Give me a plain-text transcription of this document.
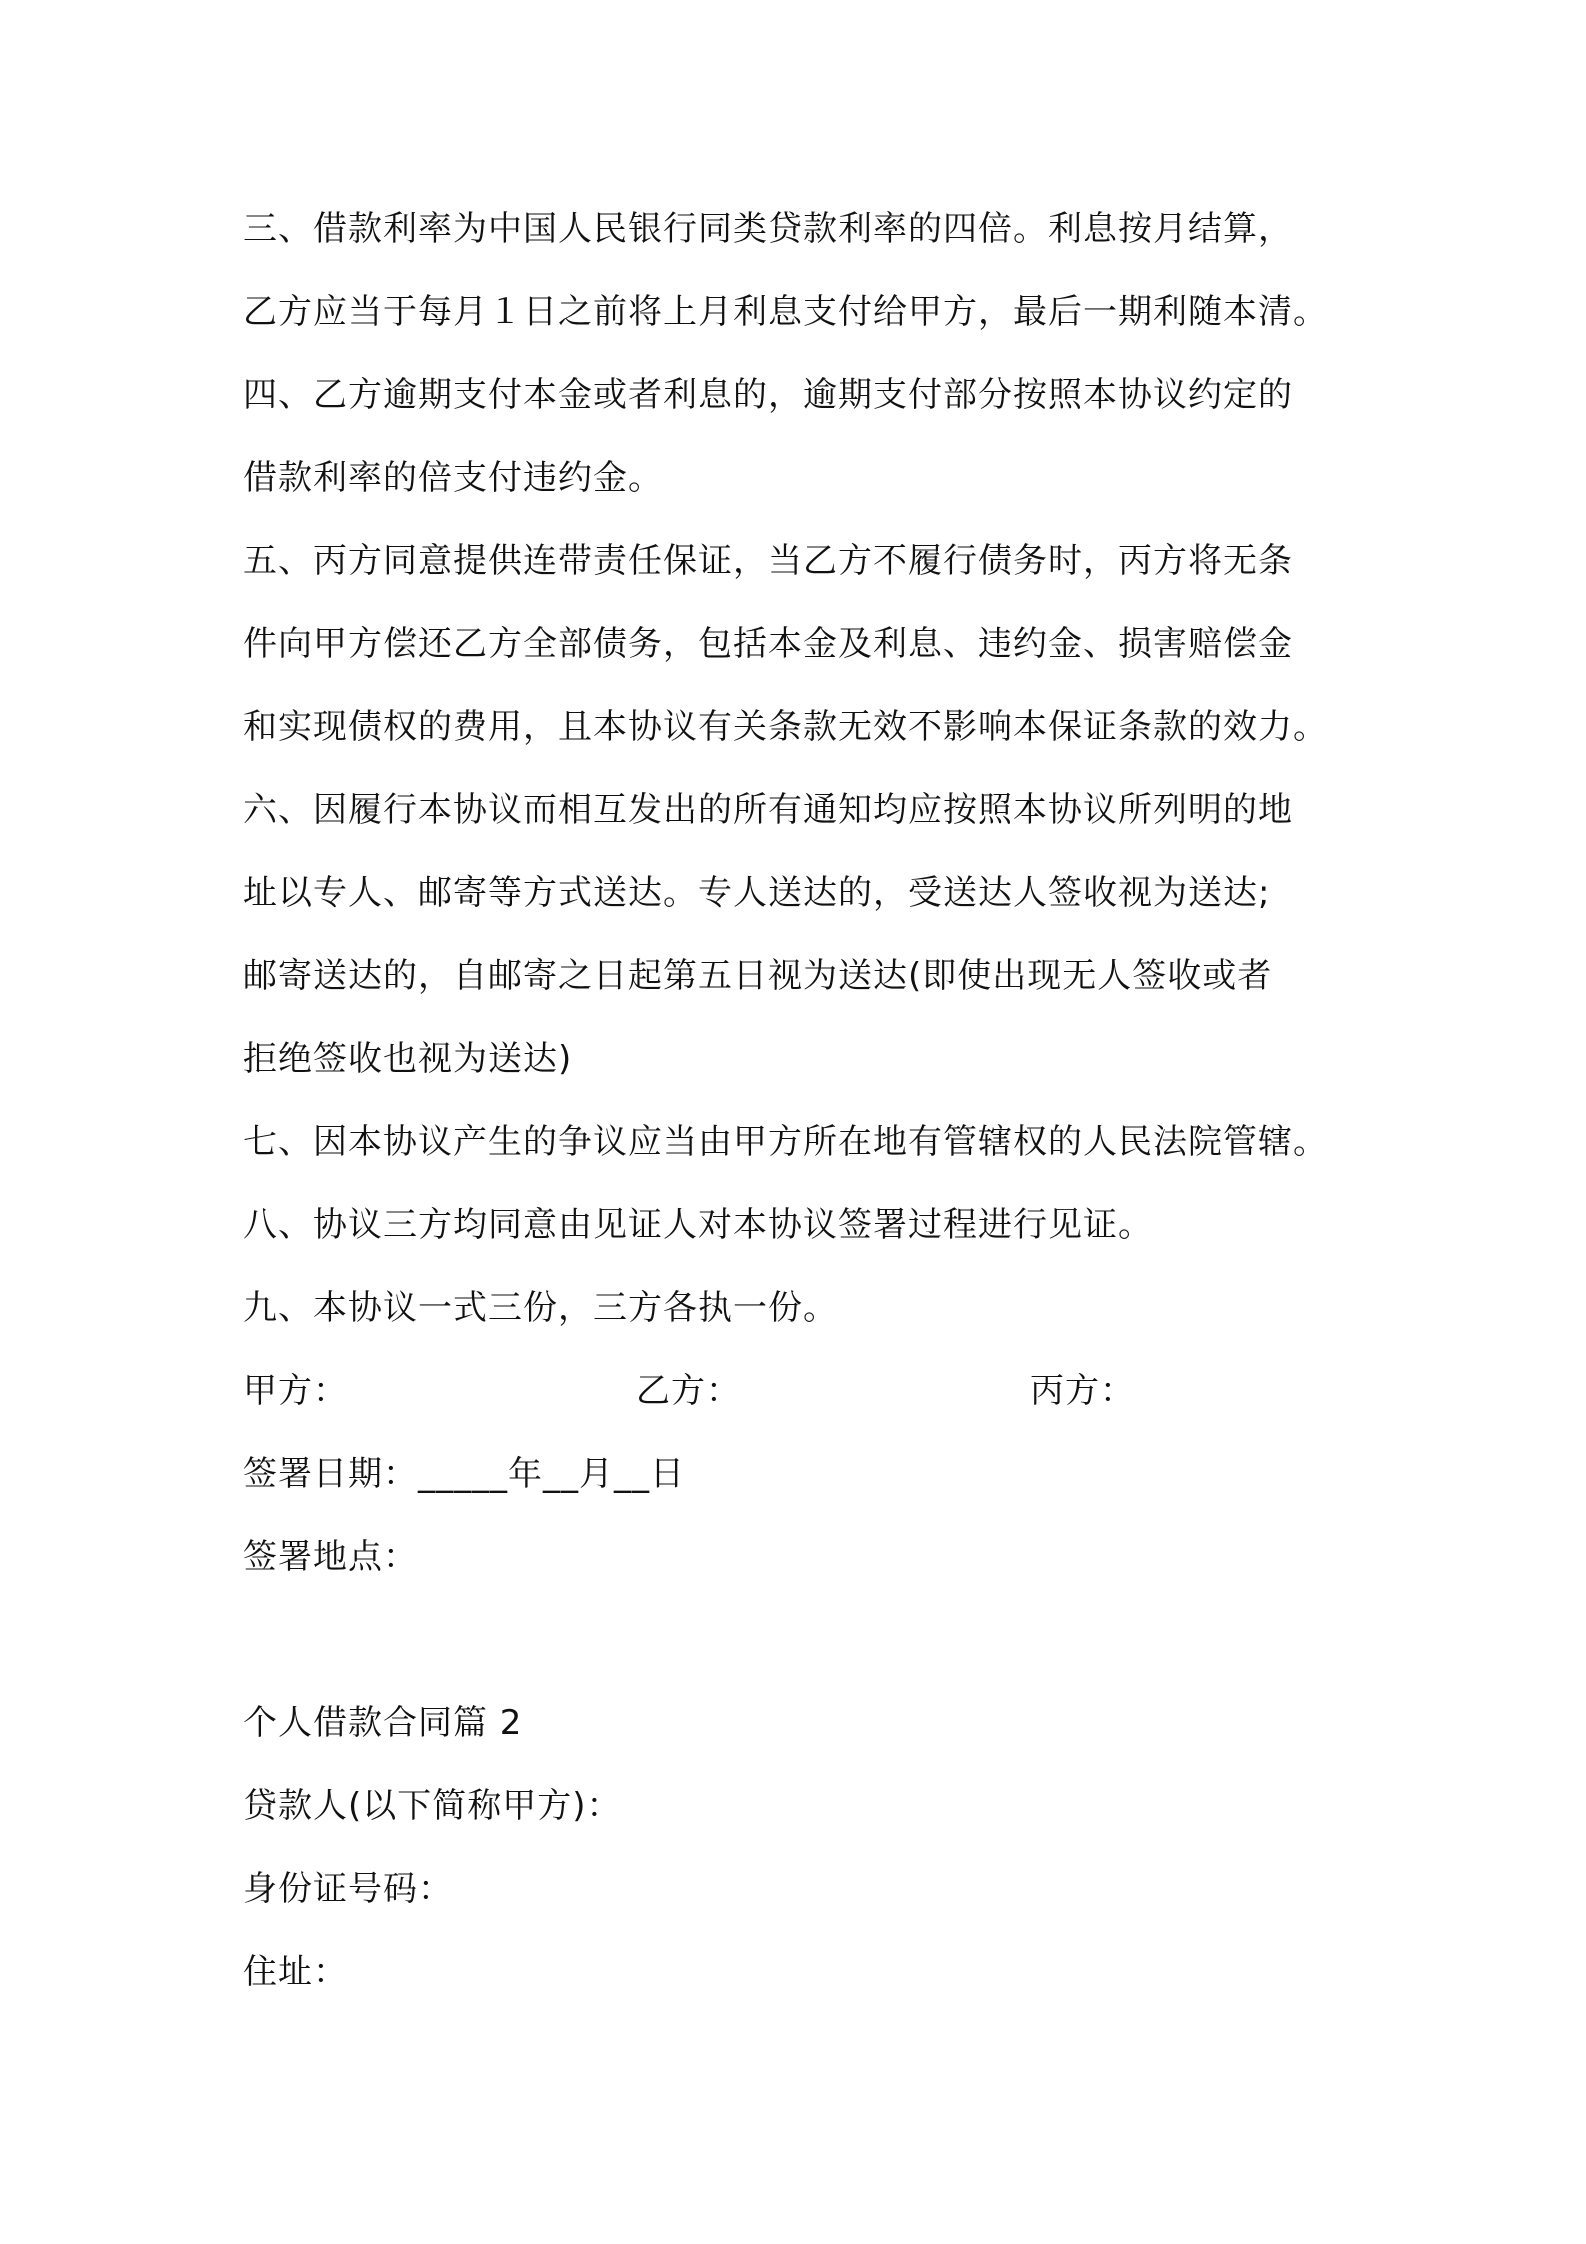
三、借款利率为中国人民银行同类贷款利率的四倍。利息按月结算，
乙方应当于每月１日之前将上月利息支付给甲方，最后一期利随本清。
四、乙方逾期支付本金或者利息的，逾期支付部分按照本协议约定的
借款利率的倍支付违约金。
五、丙方同意提供连带责任保证，当乙方不履行债务时，丙方将无条
件向甲方偿还乙方全部债务，包括本金及利息、违约金、损害赔偿金
和实现债权的费用，且本协议有关条款无效不影响本保证条款的效力。
六、因履行本协议而相互发出的所有通知均应按照本协议所列明的地
址以专人、邮寄等方式送达。专人送达的，受送达人签收视为送达;
邮寄送达的，自邮寄之日起第五日视为送达(即使出现无人签收或者
拒绝签收也视为送达)
七、因本协议产生的争议应当由甲方所在地有管辖权的人民法院管辖。
八、协议三方均同意由见证人对本协议签署过程进行见证。
九、本协议一式三份，三方各执一份。
甲方：	乙方：	丙方：
签署日期：_____年__月__日
签署地点：
个人借款合同篇 2
贷款人(以下简称甲方)：
身份证号码：
住址：
